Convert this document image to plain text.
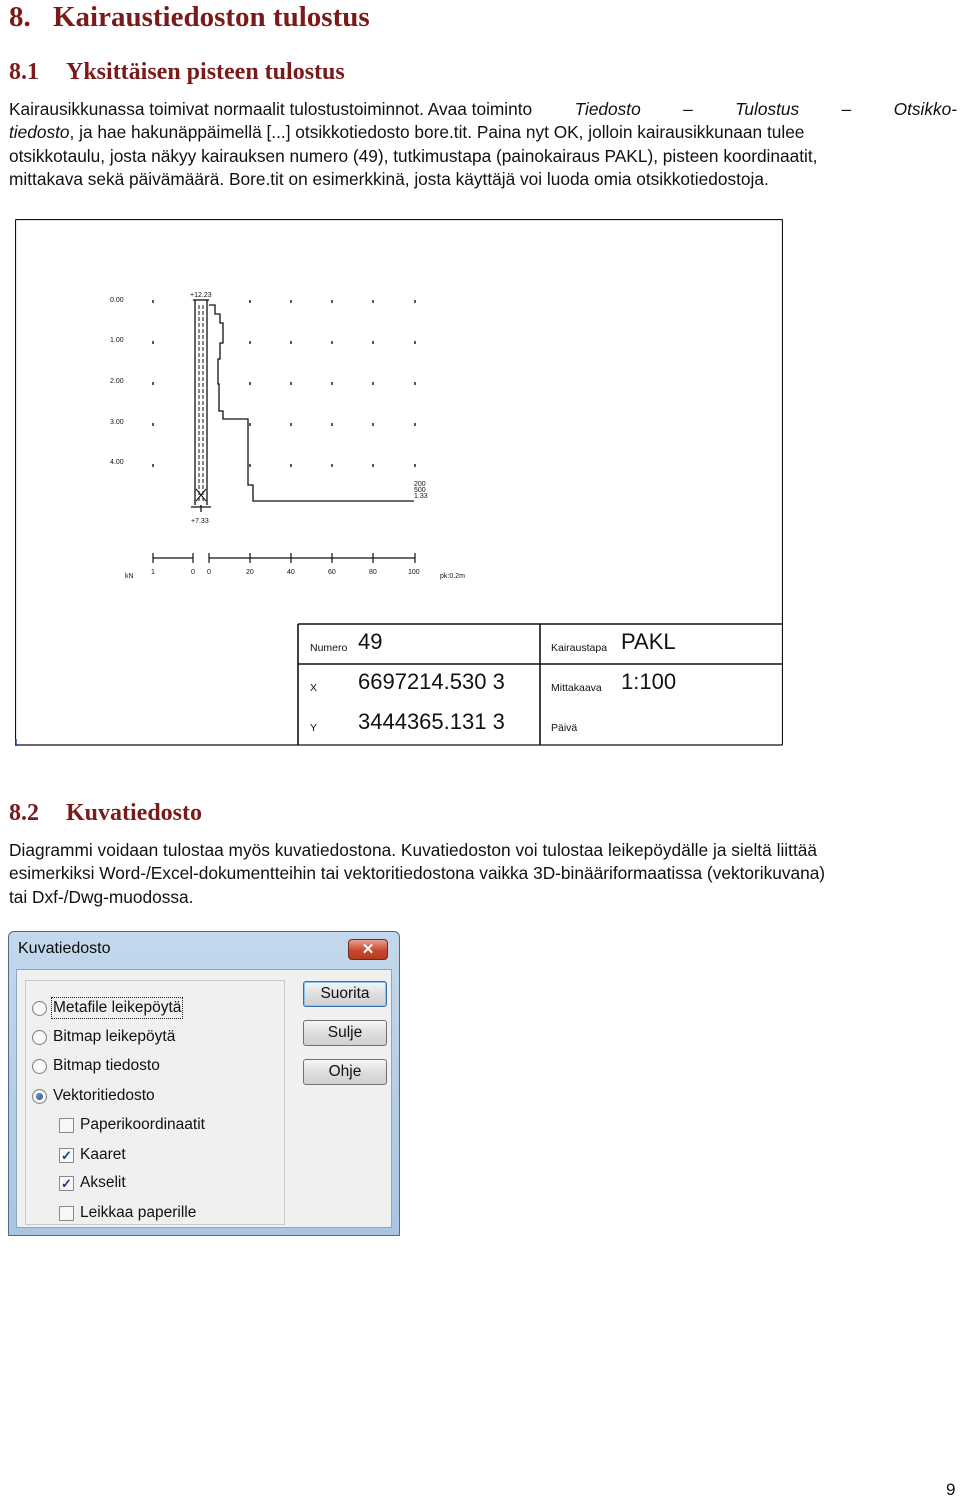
8. Kairaustiedoston tulostus
8.1 Yksittäisen pisteen tulostus
Kairausikkunassa toimivat normaalit tulostustoiminnot. Avaa toiminto Tiedosto – Tulostus – Otsikko-
tiedosto, ja hae hakunäppäimellä [...] otsikkotiedosto bore.tit. Paina nyt OK, jolloin kairausikkunaan tulee
otsikkotaulu, josta näkyy kairauksen numero (49), tutkimustapa (painokairaus PAKL), pisteen koordinaatit,
mittakava sekä päivämäärä. Bore.tit on esimerkkinä, josta käyttäjä voi luoda omia otsikkotiedostoja.
0.00
1.00
2.00
3.00
4.00
+12.23
+7.33
200
500
1.33
kN
1	0 0	20	40	60	80	100
pk:0.2m
Numero 49
X 6697214.530 3
Y 3444365.131 3
Kairaustapa PAKL
Mittakaava 1:100
Päivä
8.2 Kuvatiedosto
Diagrammi voidaan tulostaa myös kuvatiedostona. Kuvatiedoston voi tulostaa leikepöydälle ja sieltä liittää
esimerkiksi Word-/Excel-dokumentteihin tai vektoritiedostona vaikka 3D-binääriformaatissa (vektorikuvana)
tai Dxf-/Dwg-muodossa.
Kuvatiedosto	✕
Metafile leikepöytä
Bitmap leikepöytä
Bitmap tiedosto
Vektoritiedosto
Paperikoordinaatit
✓ Kaaret
✓ Akselit
Leikkaa paperille
Suorita
Sulje
Ohje
9
